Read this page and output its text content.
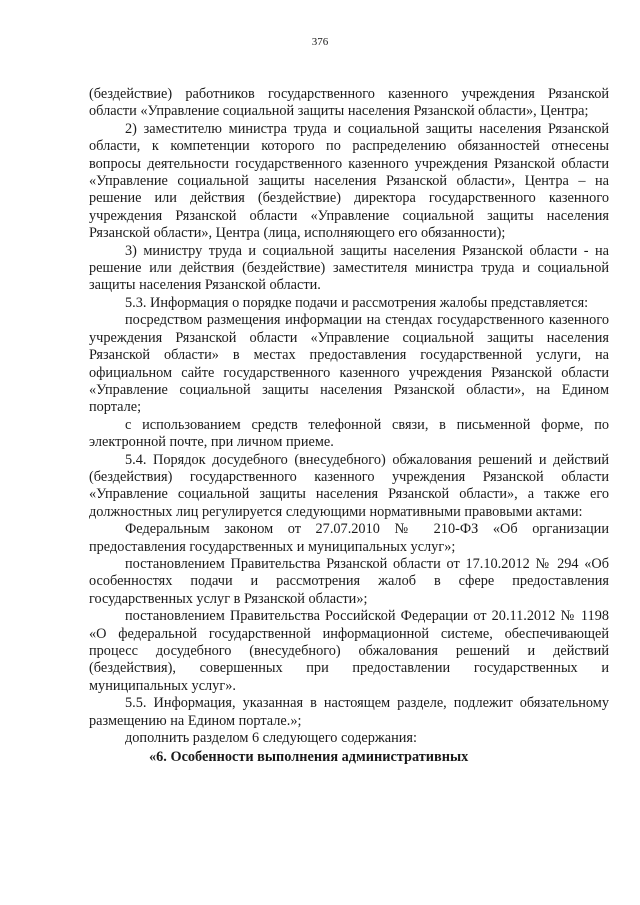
376

(бездействие) работников государственного казенного учреждения Рязанской области «Управление социальной защиты населения Рязанской области», Центра;

2) заместителю министра труда и социальной защиты населения Рязанской области, к компетенции которого по распределению обязанностей отнесены вопросы деятельности государственного казенного учреждения Рязанской области «Управление социальной защиты населения Рязанской области», Центра – на решение или действия (бездействие) директора государственного казенного учреждения Рязанской области «Управление социальной защиты населения Рязанской области», Центра (лица, исполняющего его обязанности);

3) министру труда и социальной защиты населения Рязанской области - на решение или действия (бездействие) заместителя министра труда и социальной защиты населения Рязанской области.

5.3. Информация о порядке подачи и рассмотрения жалобы представляется:

посредством размещения информации на стендах государственного казенного учреждения Рязанской области «Управление социальной защиты населения Рязанской области» в местах предоставления государственной услуги, на официальном сайте государственного казенного учреждения Рязанской области «Управление социальной защиты населения Рязанской области», на Едином портале;

с использованием средств телефонной связи, в письменной форме, по электронной почте, при личном приеме.

5.4. Порядок досудебного (внесудебного) обжалования решений и действий (бездействия) государственного казенного учреждения Рязанской области «Управление социальной защиты населения Рязанской области», а также его должностных лиц регулируется следующими нормативными правовыми актами:

Федеральным законом от 27.07.2010 № 210-ФЗ «Об организации предоставления государственных и муниципальных услуг»;

постановлением Правительства Рязанской области от 17.10.2012 № 294 «Об особенностях подачи и рассмотрения жалоб в сфере предоставления государственных услуг в Рязанской области»;

постановлением Правительства Российской Федерации от 20.11.2012 № 1198 «О федеральной государственной информационной системе, обеспечивающей процесс досудебного (внесудебного) обжалования решений и действий (бездействия), совершенных при предоставлении государственных и муниципальных услуг».

5.5. Информация, указанная в настоящем разделе, подлежит обязательному размещению на Едином портале.»;

дополнить разделом 6 следующего содержания:

«6. Особенности выполнения административных
